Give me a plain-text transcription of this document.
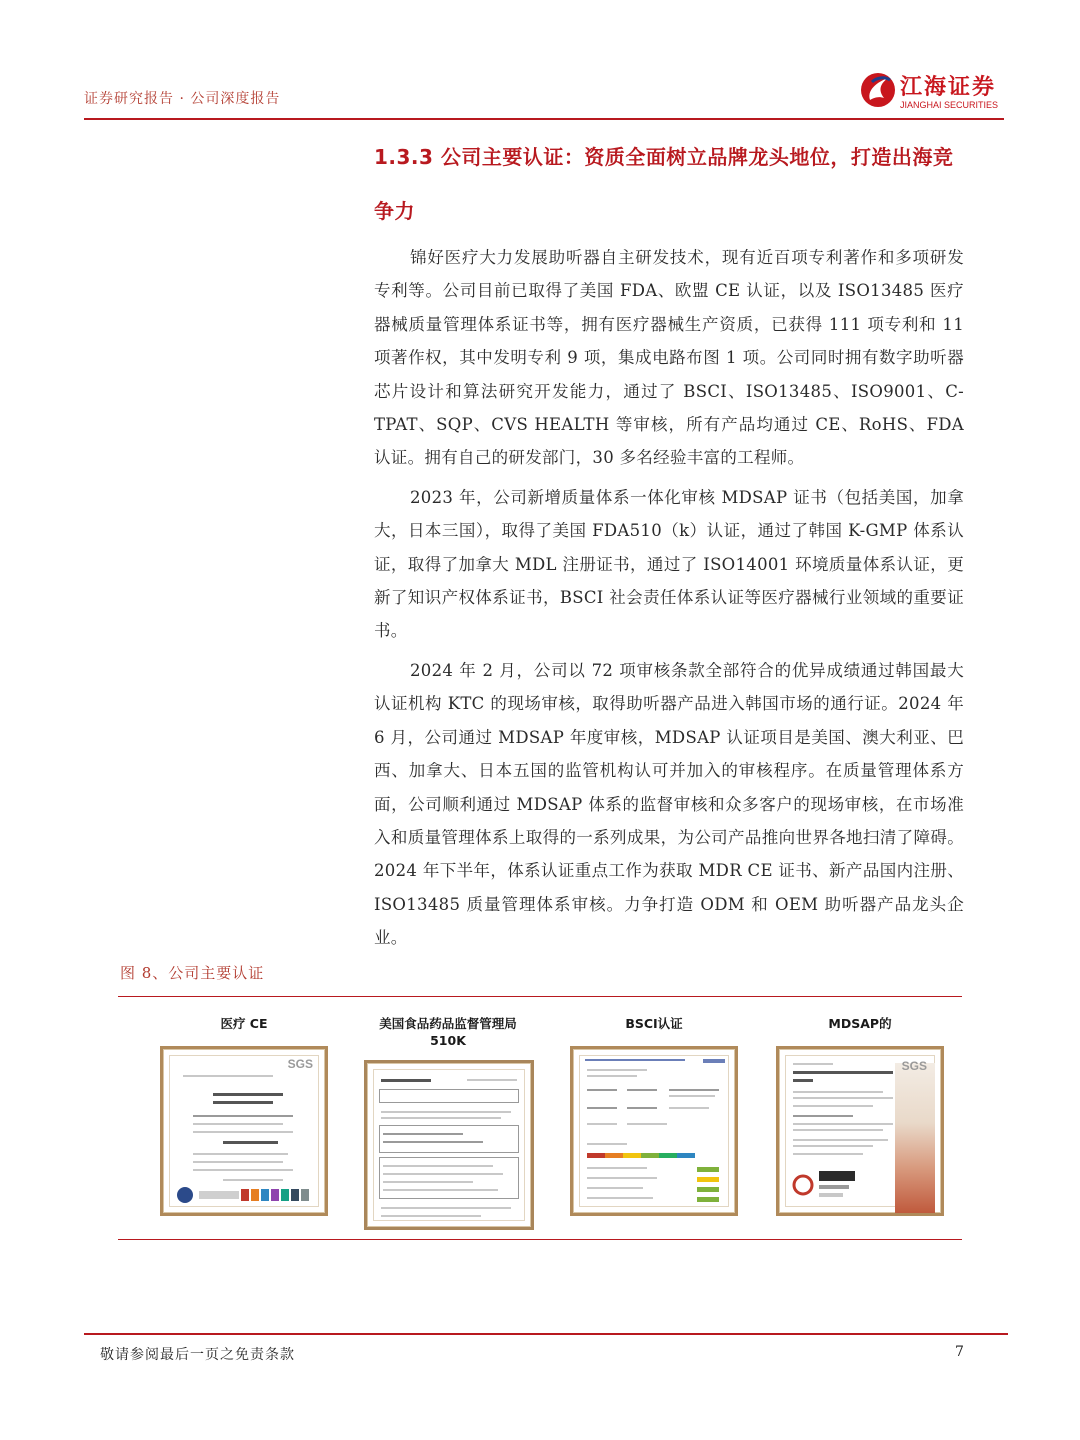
证券研究报告 · 公司深度报告	江海证券
JIANGHAI SECURITIES
1.3.3 公司主要认证：资质全面树立品牌龙头地位，打造出海竞争力

锦好医疗大力发展助听器自主研发技术，现有近百项专利著作和多项研发专利等。公司目前已取得了美国 FDA、欧盟 CE 认证，以及 ISO13485 医疗器械质量管理体系证书等，拥有医疗器械生产资质，已获得 111 项专利和 11 项著作权，其中发明专利 9 项，集成电路布图 1 项。公司同时拥有数字助听器芯片设计和算法研究开发能力，通过了 BSCI、ISO13485、ISO9001、C-TPAT、SQP、CVS HEALTH 等审核，所有产品均通过 CE、RoHS、FDA 认证。拥有自己的研发部门，30 多名经验丰富的工程师。

2023 年，公司新增质量体系一体化审核 MDSAP 证书（包括美国，加拿大，日本三国），取得了美国 FDA510（k）认证，通过了韩国 K-GMP 体系认证，取得了加拿大 MDL 注册证书，通过了 ISO14001 环境质量体系认证，更新了知识产权体系证书，BSCI 社会责任体系认证等医疗器械行业领域的重要证书。

2024 年 2 月，公司以 72 项审核条款全部符合的优异成绩通过韩国最大认证机构 KTC 的现场审核，取得助听器产品进入韩国市场的通行证。2024 年 6 月，公司通过 MDSAP 年度审核，MDSAP 认证项目是美国、澳大利亚、巴西、加拿大、日本五国的监管机构认可并加入的审核程序。在质量管理体系方面，公司顺利通过 MDSAP 体系的监督审核和众多客户的现场审核，在市场准入和质量管理体系上取得的一系列成果，为公司产品推向世界各地扫清了障碍。2024 年下半年，体系认证重点工作为获取 MDR CE 证书、新产品国内注册、ISO13485 质量管理体系审核。力争打造 ODM 和 OEM 助听器产品龙头企业。

图 8、公司主要认证
医疗 CE	美国食品药品监督管理局 510K
BSCI认证	MDSAP的
SGS	SGS
敬请参阅最后一页之免责条款	7
